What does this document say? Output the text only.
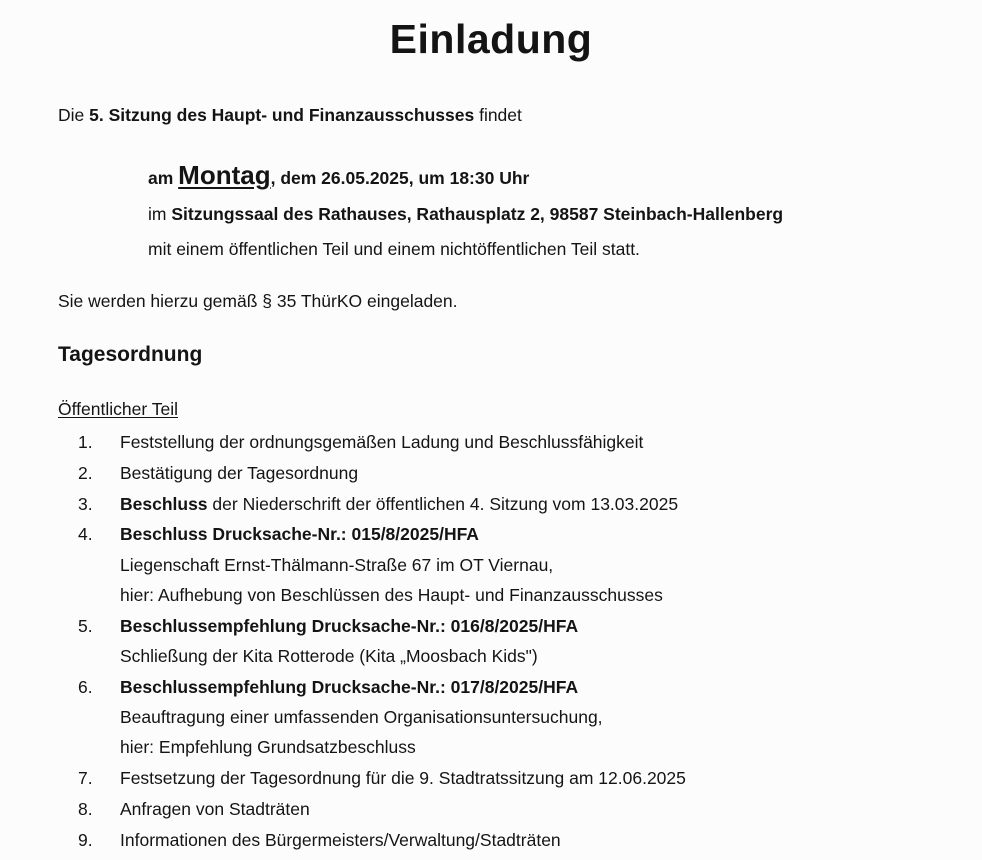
Einladung
Die 5. Sitzung des Haupt- und Finanzausschusses findet
am Montag, dem 26.05.2025, um 18:30 Uhr
im Sitzungssaal des Rathauses, Rathausplatz 2, 98587 Steinbach-Hallenberg
mit einem öffentlichen Teil und einem nichtöffentlichen Teil statt.
Sie werden hierzu gemäß § 35 ThürKO eingeladen.
Tagesordnung
Öffentlicher Teil
1.	Feststellung der ordnungsgemäßen Ladung und Beschlussfähigkeit
2.	Bestätigung der Tagesordnung
3.	Beschluss der Niederschrift der öffentlichen 4. Sitzung vom 13.03.2025
4.	Beschluss Drucksache-Nr.: 015/8/2025/HFA
Liegenschaft Ernst-Thälmann-Straße 67 im OT Viernau,
hier: Aufhebung von Beschlüssen des Haupt- und Finanzausschusses
5.	Beschlussempfehlung Drucksache-Nr.: 016/8/2025/HFA
Schließung der Kita Rotterode (Kita „Moosbach Kids")
6.	Beschlussempfehlung Drucksache-Nr.: 017/8/2025/HFA
Beauftragung einer umfassenden Organisationsuntersuchung,
hier: Empfehlung Grundsatzbeschluss
7.	Festsetzung der Tagesordnung für die 9. Stadtratssitzung am 12.06.2025
8.	Anfragen von Stadträten
9.	Informationen des Bürgermeisters/Verwaltung/Stadträten
